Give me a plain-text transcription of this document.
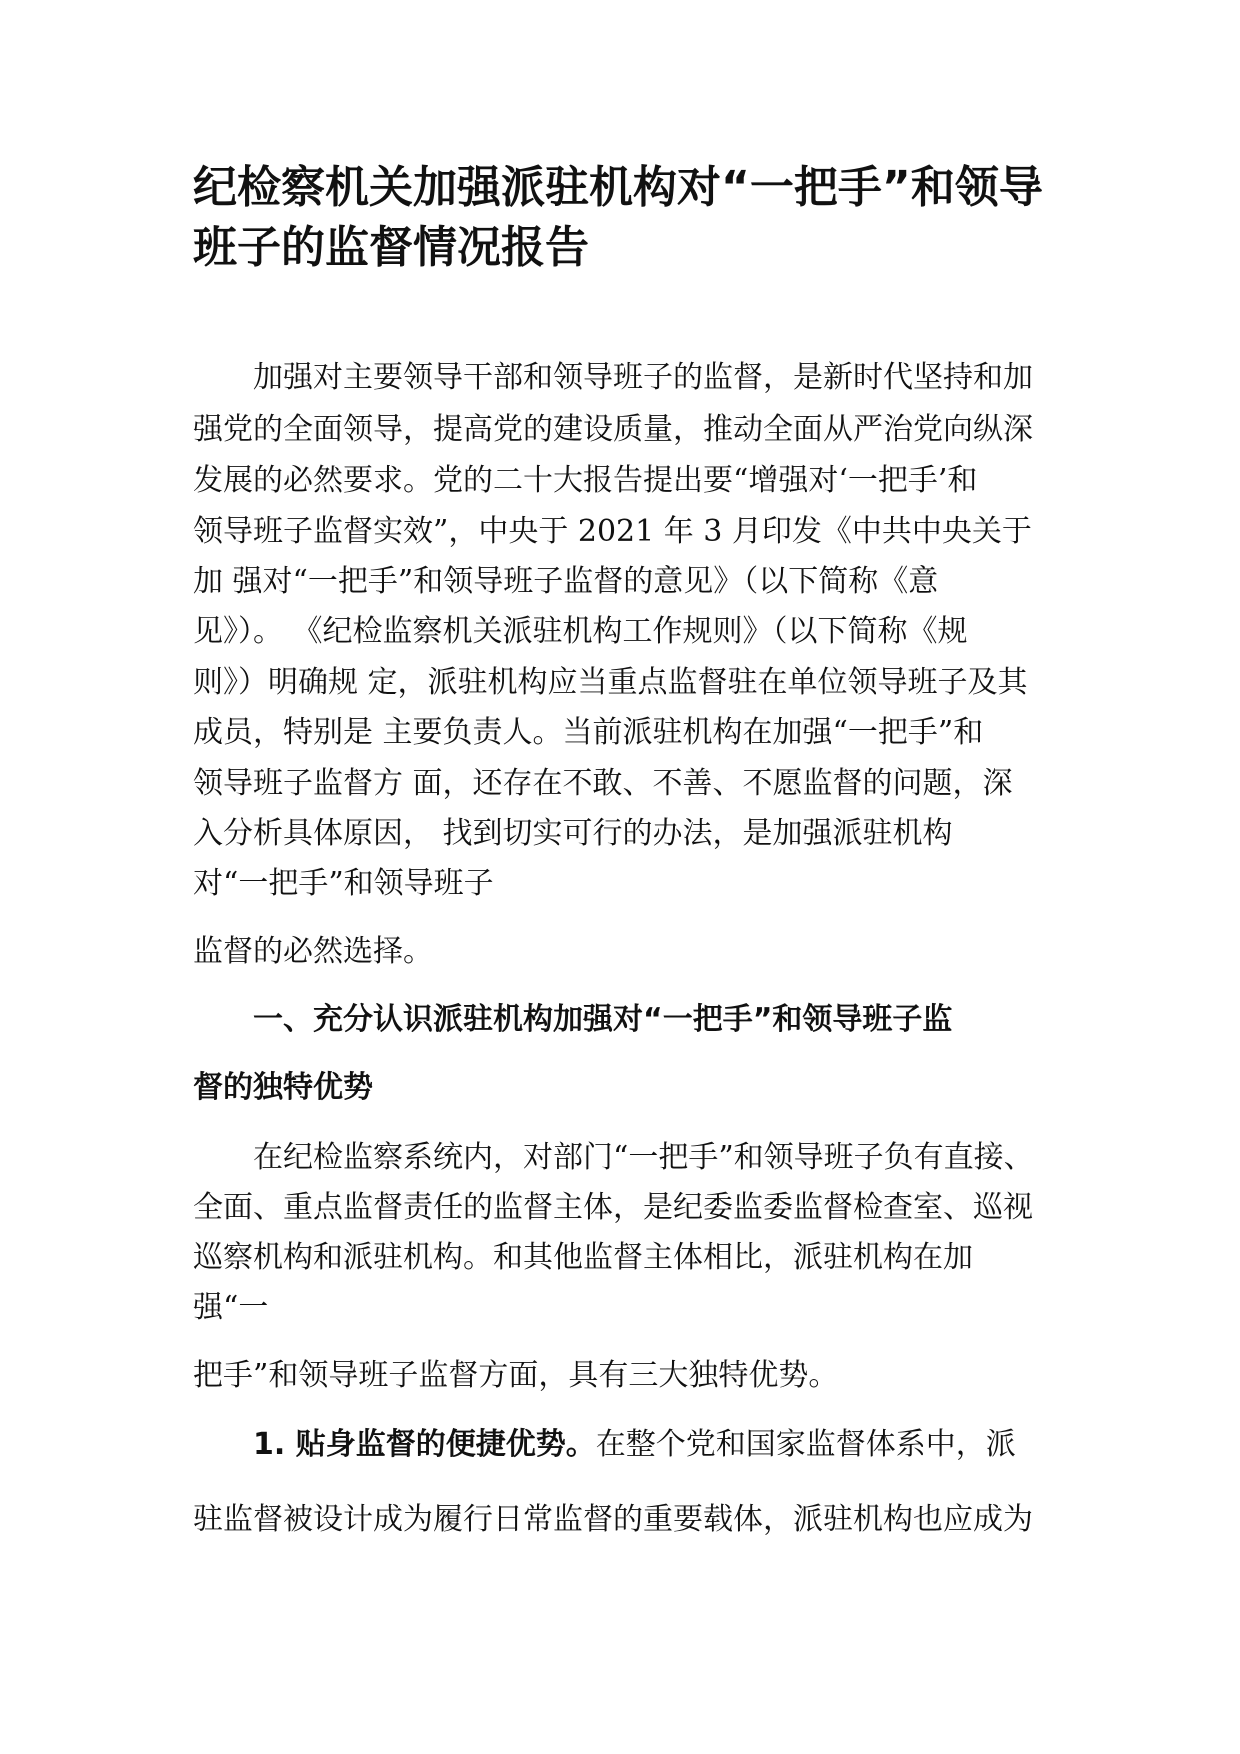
纪检察机关加强派驻机构对“一把手”和领导班子的监督情况报告
加强对主要领导干部和领导班子的监督，是新时代坚持和加
强党的全面领导，提高党的建设质量，推动全面从严治党向纵深
发展的必然要求。党的二十大报告提出要“增强对‘一把手’和
领导班子监督实效”，中央于 2021 年 3 月印发《中共中央关于
加 强对“一把手”和领导班子监督的意见》（以下简称《意
见》）。 《纪检监察机关派驻机构工作规则》（以下简称《规
则》）明确规 定，派驻机构应当重点监督驻在单位领导班子及其
成员，特别是 主要负责人。当前派驻机构在加强“一把手”和
领导班子监督方 面，还存在不敢、不善、不愿监督的问题，深
入分析具体原因， 找到切实可行的办法，是加强派驻机构
对“一把手”和领导班子
监督的必然选择。
一、充分认识派驻机构加强对“一把手”和领导班子监
督的独特优势
在纪检监察系统内，对部门“一把手”和领导班子负有直接、
全面、重点监督责任的监督主体，是纪委监委监督检查室、巡视
巡察机构和派驻机构。和其他监督主体相比，派驻机构在加
强“一
把手”和领导班子监督方面，具有三大独特优势。
1. 贴身监督的便捷优势。在整个党和国家监督体系中，派
驻监督被设计成为履行日常监督的重要载体，派驻机构也应成为
